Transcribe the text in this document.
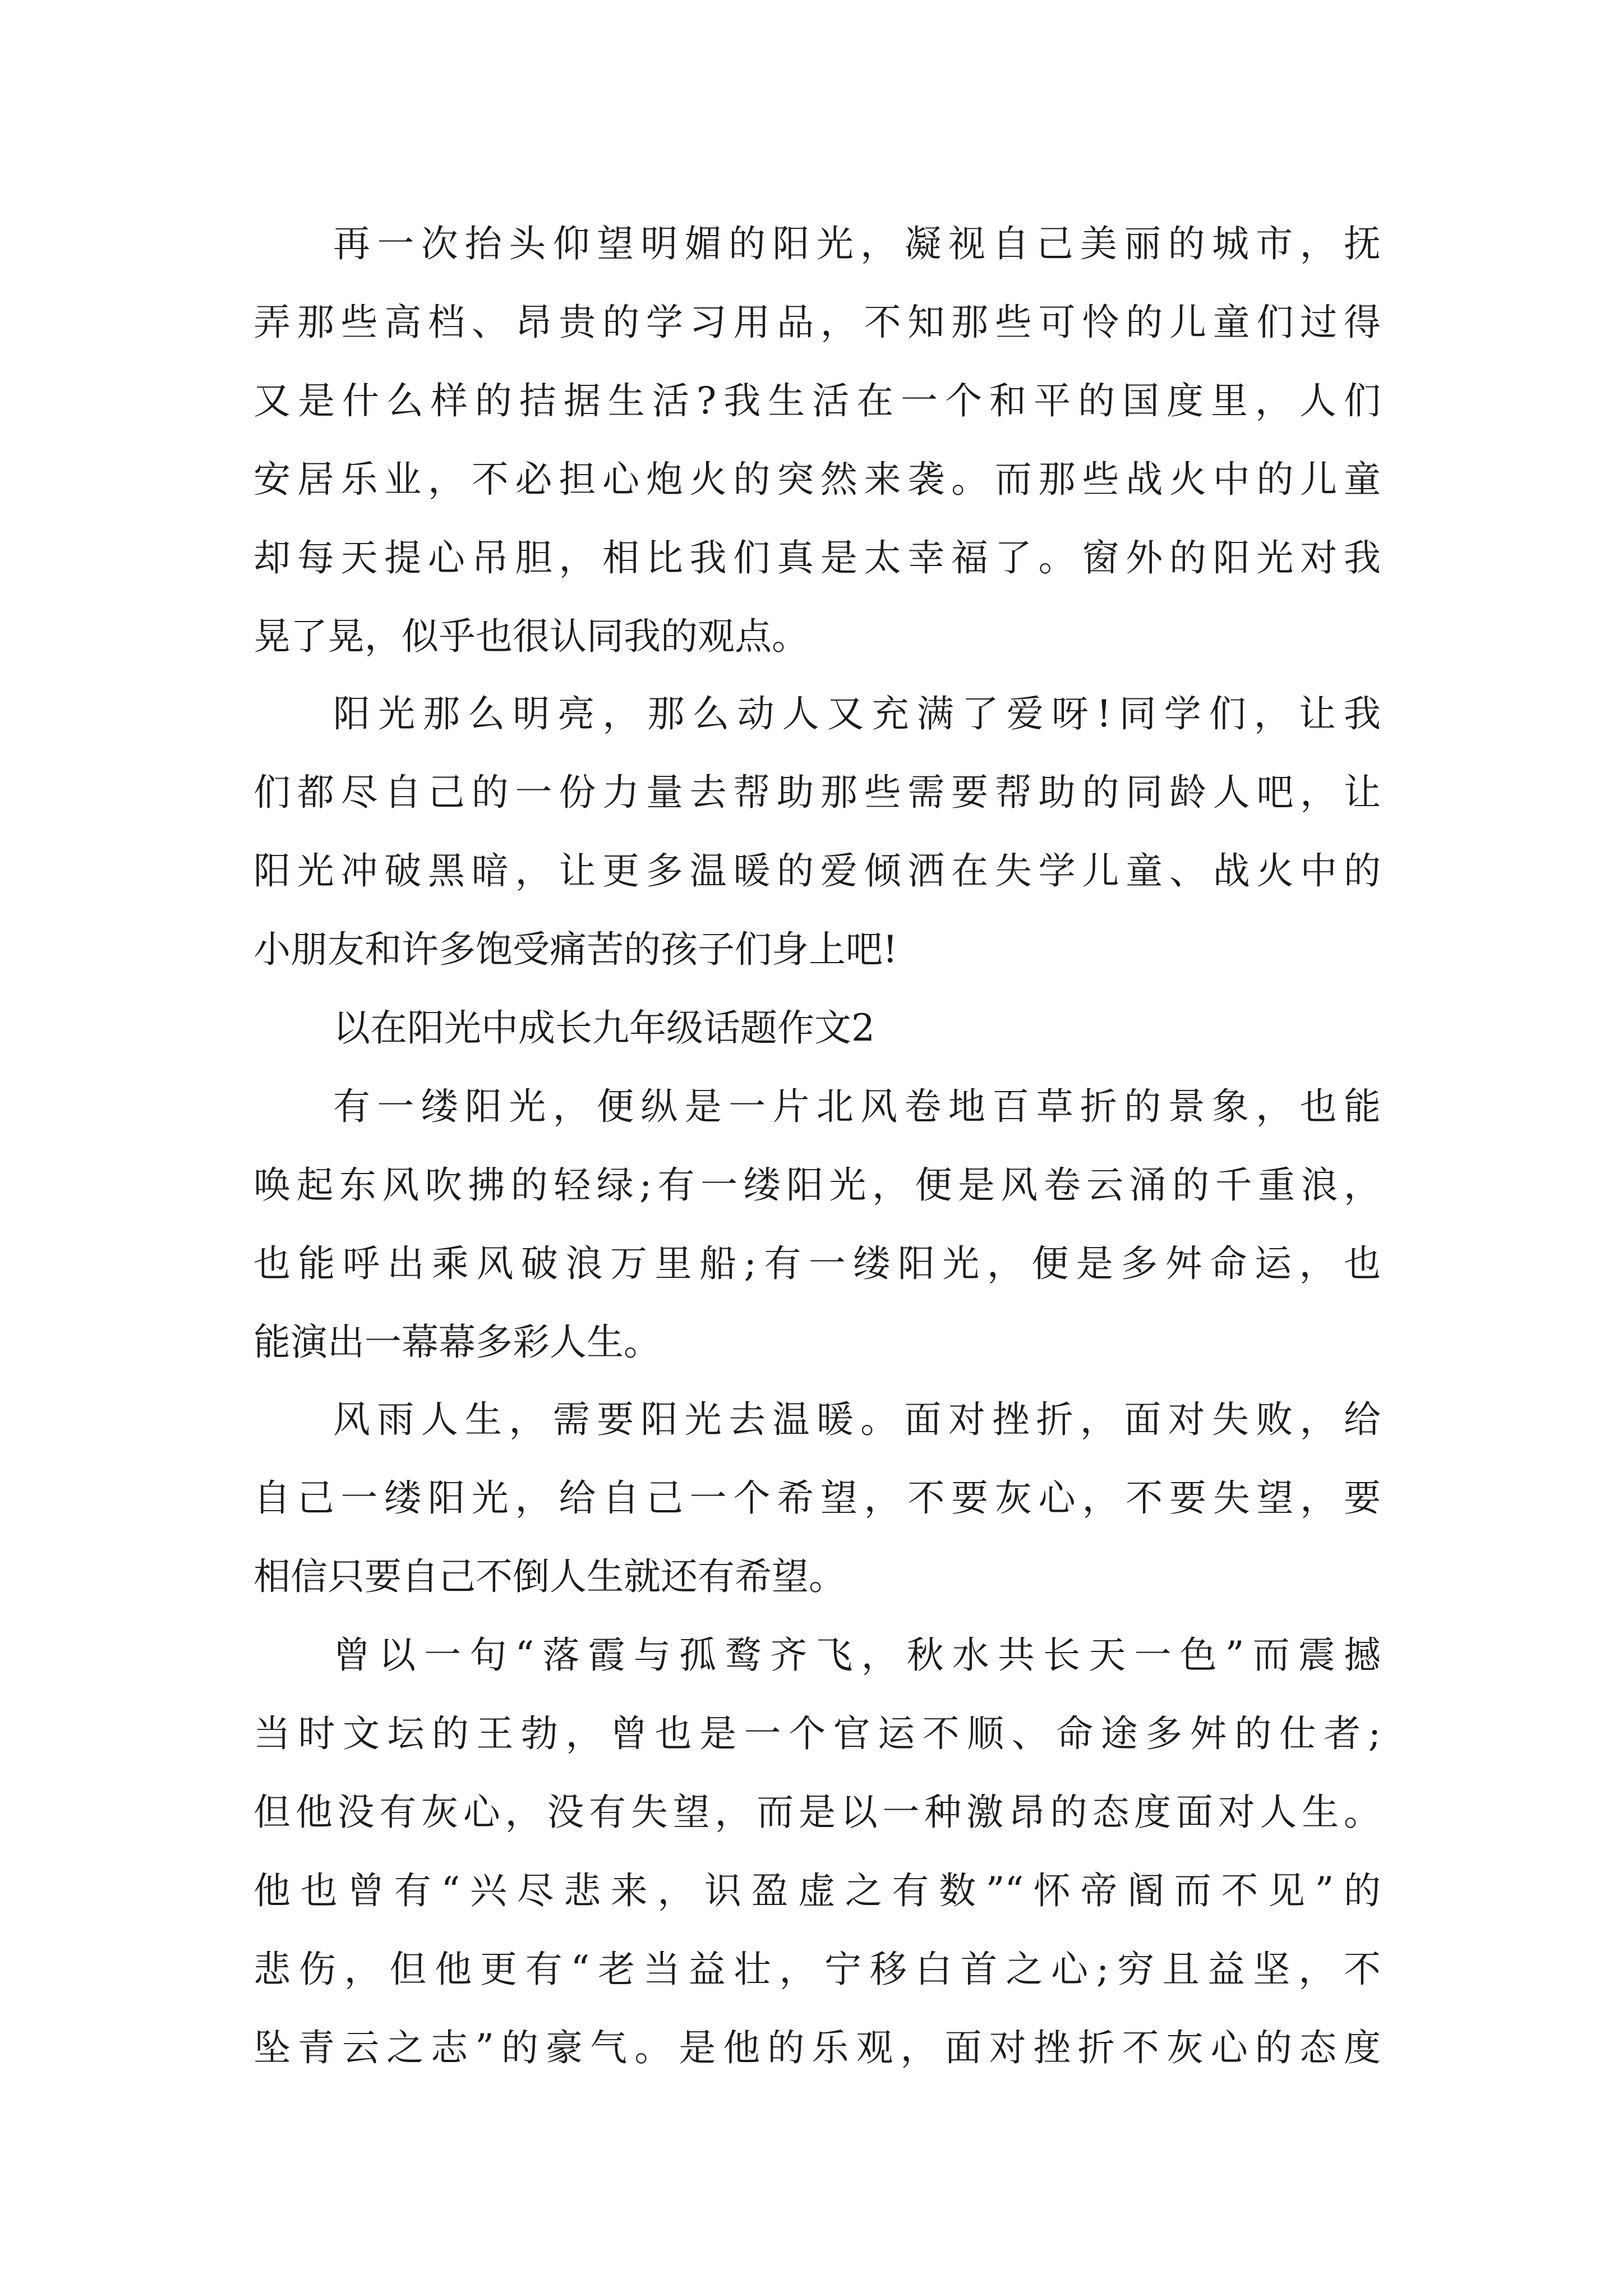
再一次抬头仰望明媚的阳光，凝视自己美丽的城市，抚
弄那些高档、昂贵的学习用品，不知那些可怜的儿童们过得
又是什么样的拮据生活?我生活在一个和平的国度里，人们
安居乐业，不必担心炮火的突然来袭。而那些战火中的儿童
却每天提心吊胆，相比我们真是太幸福了。窗外的阳光对我
晃了晃，似乎也很认同我的观点。
阳光那么明亮，那么动人又充满了爱呀!同学们，让我
们都尽自己的一份力量去帮助那些需要帮助的同龄人吧，让
阳光冲破黑暗，让更多温暖的爱倾洒在失学儿童、战火中的
小朋友和许多饱受痛苦的孩子们身上吧!
以在阳光中成长九年级话题作文2
有一缕阳光，便纵是一片北风卷地百草折的景象，也能
唤起东风吹拂的轻绿;有一缕阳光，便是风卷云涌的千重浪，
也能呼出乘风破浪万里船;有一缕阳光，便是多舛命运，也
能演出一幕幕多彩人生。
风雨人生，需要阳光去温暖。面对挫折，面对失败，给
自己一缕阳光，给自己一个希望，不要灰心，不要失望，要
相信只要自己不倒人生就还有希望。
曾以一句“落霞与孤鹜齐飞，秋水共长天一色”而震撼
当时文坛的王勃，曾也是一个官运不顺、命途多舛的仕者;
但他没有灰心，没有失望，而是以一种激昂的态度面对人生。
他也曾有“兴尽悲来，识盈虚之有数”“怀帝阍而不见”的
悲伤，但他更有“老当益壮，宁移白首之心;穷且益坚，不
坠青云之志”的豪气。是他的乐观，面对挫折不灰心的态度
